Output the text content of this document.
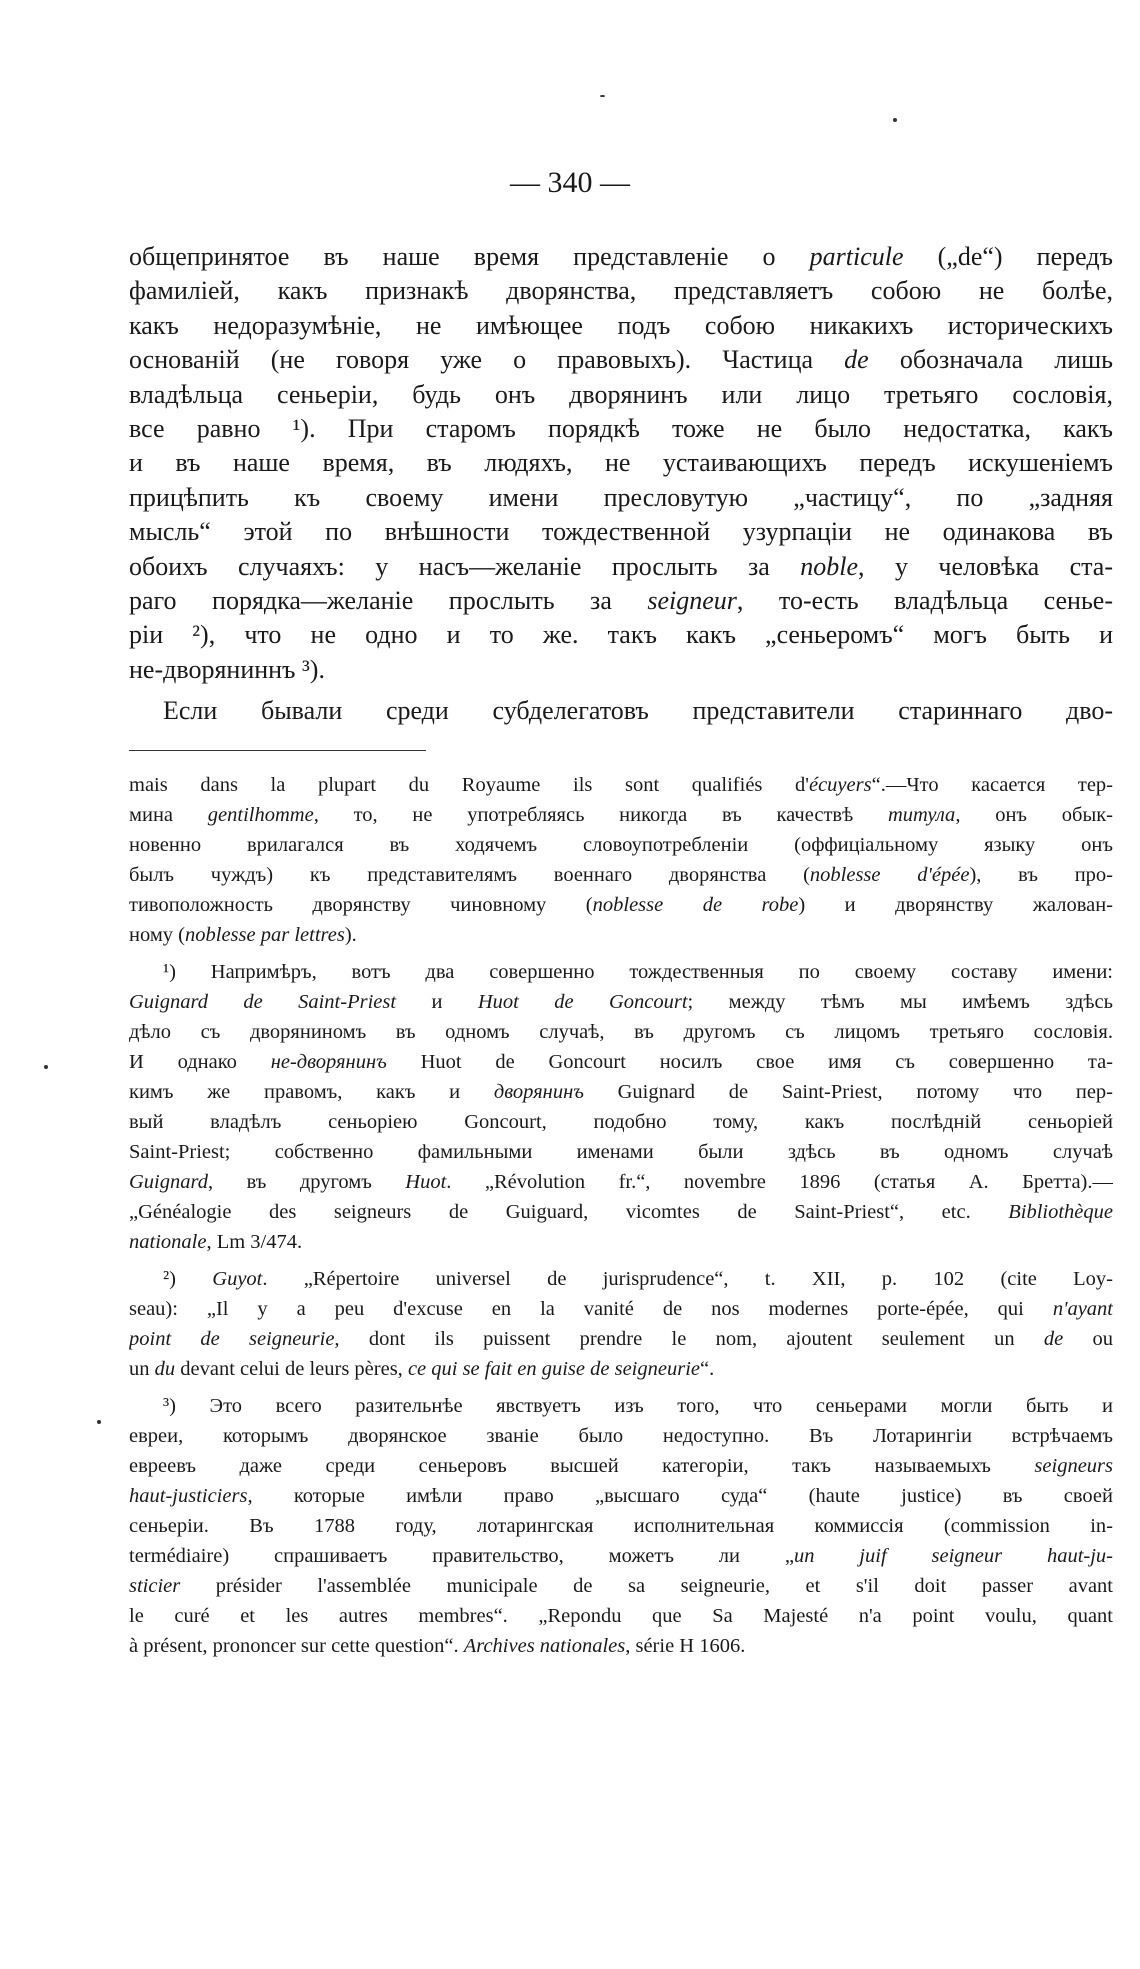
— 340 —
общепринятое въ наше время представленіе о particule („de“) передъ
фамиліей, какъ признакѣ дворянства, представляетъ собою не болѣе,
какъ недоразумѣніе, не имѣющее подъ собою никакихъ историческихъ
основаній (не говоря уже о правовыхъ). Частица de обозначала лишь
владѣльца сеньеріи, будь онъ дворянинъ или лицо третьяго сословія,
все равно ¹). При старомъ порядкѣ тоже не было недостатка, какъ
и въ наше время, въ людяхъ, не устаивающихъ передъ искушеніемъ
прицѣпить къ своему имени пресловутую „частицу“, по „задняя
мысль“ этой по внѣшности тождественной узурпаціи не одинакова въ
обоихъ случаяхъ: у насъ—желаніе прослыть за noble, у человѣка ста-
раго порядка—желаніе прослыть за seigneur, то-есть владѣльца сенье-
ріи ²), что не одно и то же. такъ какъ „сеньеромъ“ могъ быть и
не-дворяниннъ ³).
Если бывали среди субделегатовъ представители стариннаго дво-
mais dans la plupart du Royaume ils sont qualifiés d'écuyers“.—Что касается тер-
мина gentilhomme, то, не употребляясь никогда въ качествѣ титула, онъ обык-
новенно врилагался въ ходячемъ словоупотребленіи (оффиціальному языку онъ
былъ чуждъ) къ представителямъ военнаго дворянства (noblesse d'épée), въ про-
тивоположность дворянству чиновному (noblesse de robe) и дворянству жалован-
ному (noblesse par lettres).
¹) Напримѣръ, вотъ два совершенно тождественныя по своему составу имени:
Guignard de Saint-Priest и Huot de Goncourt; между тѣмъ мы имѣемъ здѣсь
дѣло съ дворяниномъ въ одномъ случаѣ, въ другомъ съ лицомъ третьяго сословія.
И однако не-дворянинъ Huot de Goncourt носилъ свое имя съ совершенно та-
кимъ же правомъ, какъ и дворянинъ Guignard de Saint-Priest, потому что пер-
вый владѣлъ сеньоріею Goncourt, подобно тому, какъ послѣдній сеньоріей
Saint-Priest; собственно фамильными именами были здѣсь въ одномъ случаѣ
Guignard, въ другомъ Huot. „Révolution fr.“, novembre 1896 (статья А. Бретта).—
„Généalogie des seigneurs de Guiguard, vicomtes de Saint-Priest“, etc. Bibliothèque
nationale, Lm 3/474.
²) Guyot. „Répertoire universel de jurisprudence“, t. XII, p. 102 (cite Loy-
seau): „Il y a peu d'excuse en la vanité de nos modernes porte-épée, qui n'ayant
point de seigneurie, dont ils puissent prendre le nom, ajoutent seulement un de ou
un du devant celui de leurs pères, ce qui se fait en guise de seigneurie“.
³) Это всего разительнѣе явствуетъ изъ того, что сеньерами могли быть и
евреи, которымъ дворянское званіе было недоступно. Въ Лотарингіи встрѣчаемъ
евреевъ даже среди сеньеровъ высшей категоріи, такъ называемыхъ seigneurs
haut-justiciers, которые имѣли право „высшаго суда“ (haute justice) въ своей
сеньеріи. Въ 1788 году, лотарингская исполнительная коммиссія (commission in-
termédiaire) спрашиваетъ правительство, можетъ ли „un juif seigneur haut-ju-
sticier présider l'assemblée municipale de sa seigneurie, et s'il doit passer avant
le curé et les autres membres“. „Repondu que Sa Majesté n'a point voulu, quant
à présent, prononcer sur cette question“. Archives nationales, série H 1606.
